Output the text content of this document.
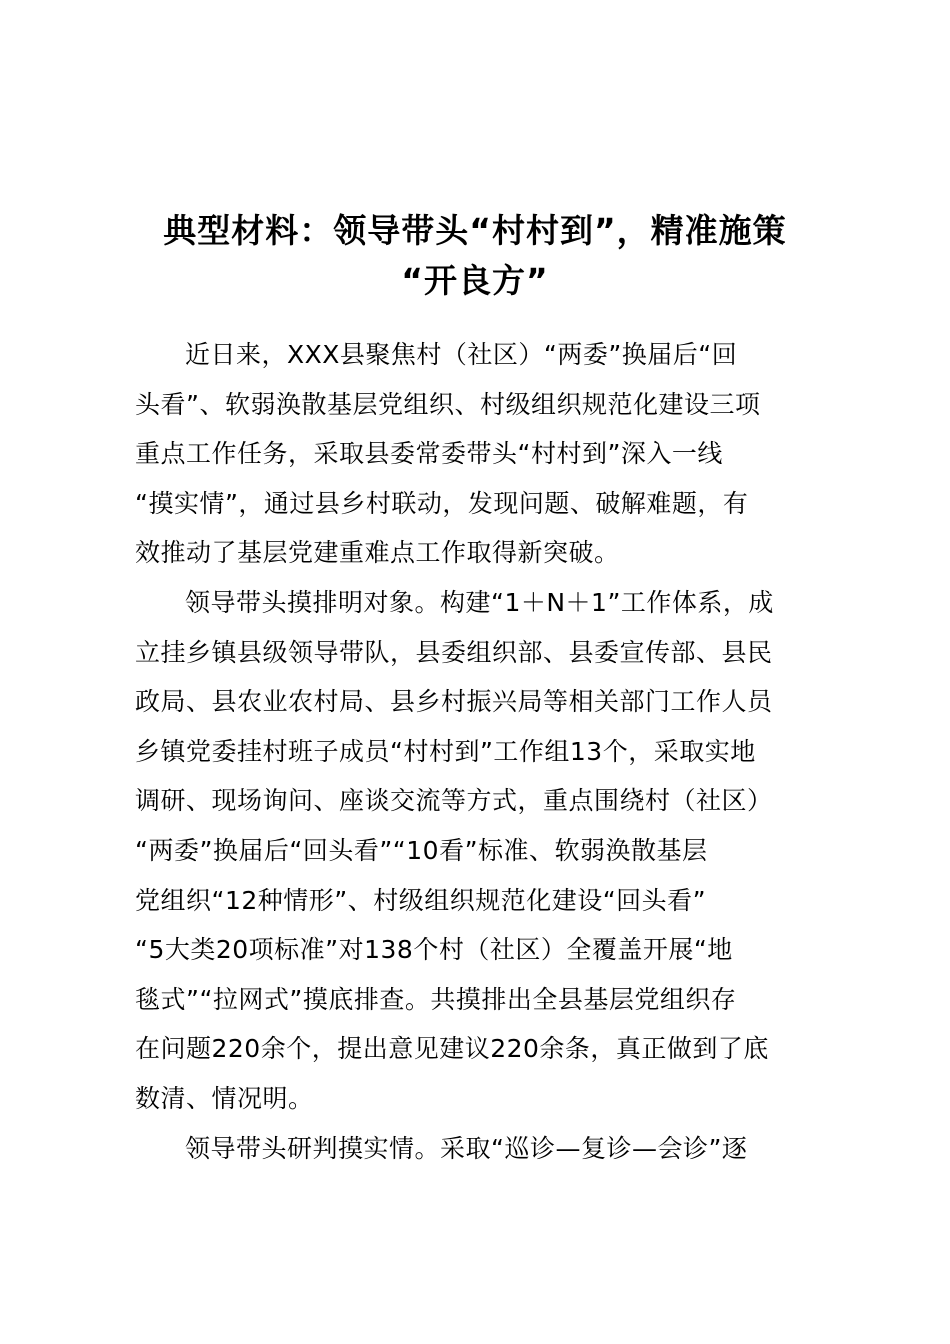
典型材料：领导带头“村村到”，精准施策
“开良方”
近日来，XXX县聚焦村（社区）“两委”换届后“回
头看”、软弱涣散基层党组织、村级组织规范化建设三项
重点工作任务，采取县委常委带头“村村到”深入一线
“摸实情”，通过县乡村联动，发现问题、破解难题，有
效推动了基层党建重难点工作取得新突破。
领导带头摸排明对象。构建“1＋N＋1”工作体系，成
立挂乡镇县级领导带队，县委组织部、县委宣传部、县民
政局、县农业农村局、县乡村振兴局等相关部门工作人员
乡镇党委挂村班子成员“村村到”工作组13个，采取实地
调研、现场询问、座谈交流等方式，重点围绕村（社区）
“两委”换届后“回头看”“10看”标准、软弱涣散基层
党组织“12种情形”、村级组织规范化建设“回头看”
“5大类20项标准”对138个村（社区）全覆盖开展“地
毯式”“拉网式”摸底排查。共摸排出全县基层党组织存
在问题220余个，提出意见建议220余条，真正做到了底
数清、情况明。
领导带头研判摸实情。采取“巡诊—复诊—会诊”逐
